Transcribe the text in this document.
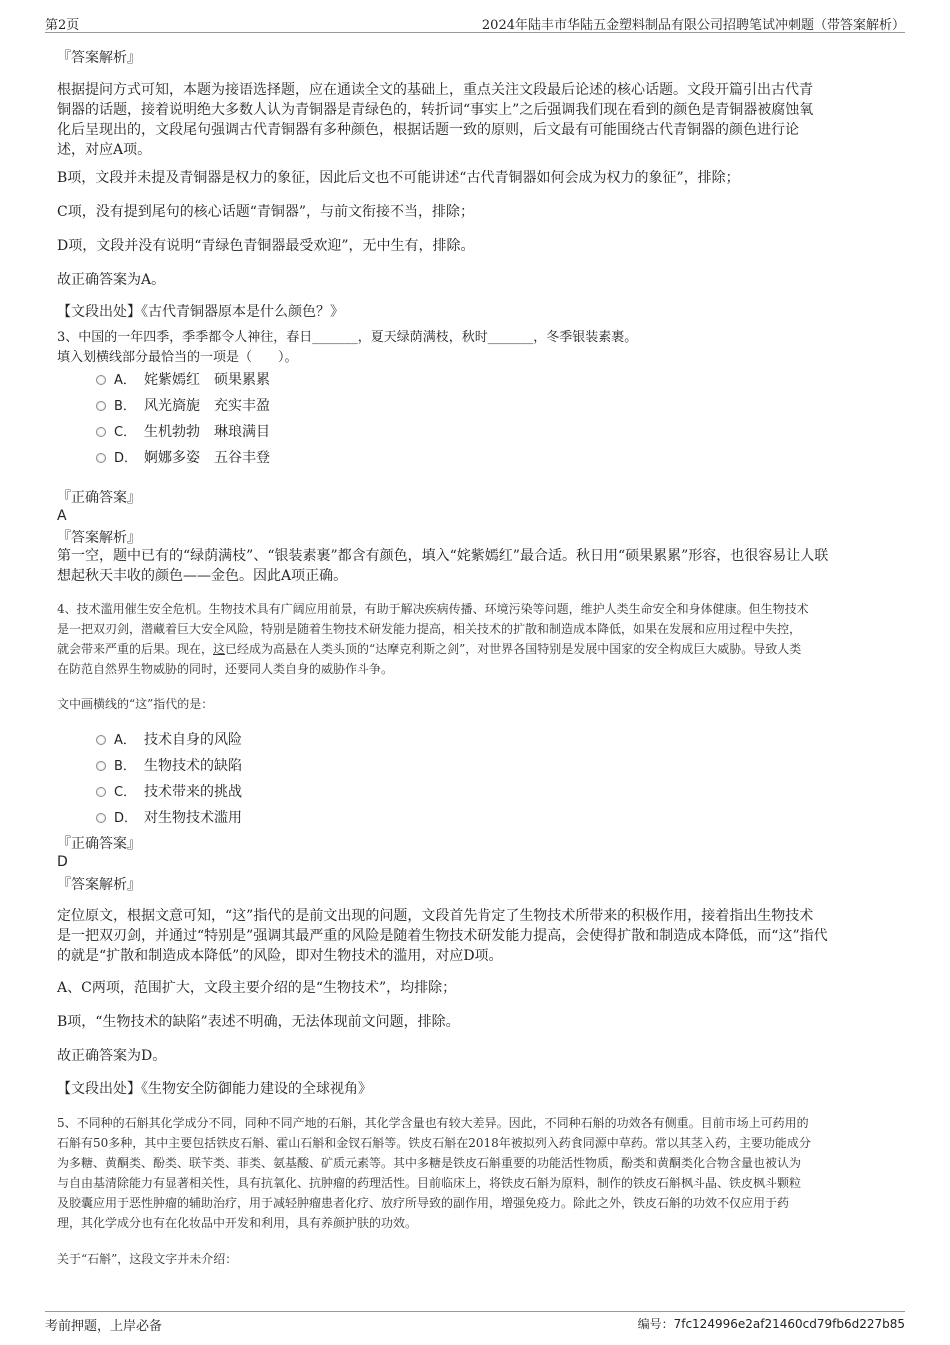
第2页	2024年陆丰市华陆五金塑料制品有限公司招聘笔试冲刺题（带答案解析）
『答案解析』
根据提问方式可知，本题为接语选择题，应在通读全文的基础上，重点关注文段最后论述的核心话题。文段开篇引出古代青
铜器的话题，接着说明绝大多数人认为青铜器是青绿色的，转折词“事实上”之后强调我们现在看到的颜色是青铜器被腐蚀氧
化后呈现出的，文段尾句强调古代青铜器有多种颜色，根据话题一致的原则，后文最有可能围绕古代青铜器的颜色进行论
述，对应A项。
B项，文段并未提及青铜器是权力的象征，因此后文也不可能讲述“古代青铜器如何会成为权力的象征”，排除；
C项，没有提到尾句的核心话题“青铜器”，与前文衔接不当，排除；
D项，文段并没有说明“青绿色青铜器最受欢迎”，无中生有，排除。
故正确答案为A。
【文段出处】《古代青铜器原本是什么颜色？》
3、中国的一年四季，季季都令人神往，春日_______，夏天绿荫满枝，秋时_______，冬季银装素裹。
填入划横线部分最恰当的一项是（　　）。
A． 姹紫嫣红　硕果累累
B． 风光旖旎　充实丰盈
C． 生机勃勃　琳琅满目
D． 婀娜多姿　五谷丰登
『正确答案』
A
『答案解析』
第一空，题中已有的“绿荫满枝”、“银装素裹”都含有颜色，填入“姹紫嫣红”最合适。秋日用“硕果累累”形容，也很容易让人联
想起秋天丰收的颜色——金色。因此A项正确。
4、技术滥用催生安全危机。生物技术具有广阔应用前景，有助于解决疾病传播、环境污染等问题，维护人类生命安全和身体健康。但生物技术
是一把双刃剑，潜藏着巨大安全风险，特别是随着生物技术研发能力提高，相关技术的扩散和制造成本降低，如果在发展和应用过程中失控，
就会带来严重的后果。现在，这已经成为高悬在人类头顶的“达摩克利斯之剑”，对世界各国特别是发展中国家的安全构成巨大威胁。导致人类
在防范自然界生物威胁的同时，还要同人类自身的威胁作斗争。
文中画横线的“这”指代的是：
A． 技术自身的风险
B． 生物技术的缺陷
C． 技术带来的挑战
D． 对生物技术滥用
『正确答案』
D
『答案解析』
定位原文，根据文意可知，“这”指代的是前文出现的问题，文段首先肯定了生物技术所带来的积极作用，接着指出生物技术
是一把双刃剑，并通过“特别是”强调其最严重的风险是随着生物技术研发能力提高，会使得扩散和制造成本降低，而“这”指代
的就是“扩散和制造成本降低”的风险，即对生物技术的滥用，对应D项。
A、C两项，范围扩大，文段主要介绍的是“生物技术”，均排除；
B项，“生物技术的缺陷”表述不明确，无法体现前文问题，排除。
故正确答案为D。
【文段出处】《生物安全防御能力建设的全球视角》
5、不同种的石斛其化学成分不同，同种不同产地的石斛，其化学含量也有较大差异。因此，不同种石斛的功效各有侧重。目前市场上可药用的
石斛有50多种，其中主要包括铁皮石斛、霍山石斛和金钗石斛等。铁皮石斛在2018年被拟列入药食同源中草药。常以其茎入药，主要功能成分
为多糖、黄酮类、酚类、联苄类、菲类、氨基酸、矿质元素等。其中多糖是铁皮石斛重要的功能活性物质，酚类和黄酮类化合物含量也被认为
与自由基清除能力有显著相关性，具有抗氧化、抗肿瘤的药理活性。目前临床上，将铁皮石斛为原料，制作的铁皮石斛枫斗晶、铁皮枫斗颗粒
及胶囊应用于恶性肿瘤的辅助治疗，用于减轻肿瘤患者化疗、放疗所导致的副作用，增强免疫力。除此之外，铁皮石斛的功效不仅应用于药
理，其化学成分也有在化妆品中开发和利用，具有养颜护肤的功效。
关于“石斛”，这段文字并未介绍：
考前押题，上岸必备	编号：7fc124996e2af21460cd79fb6d227b85
